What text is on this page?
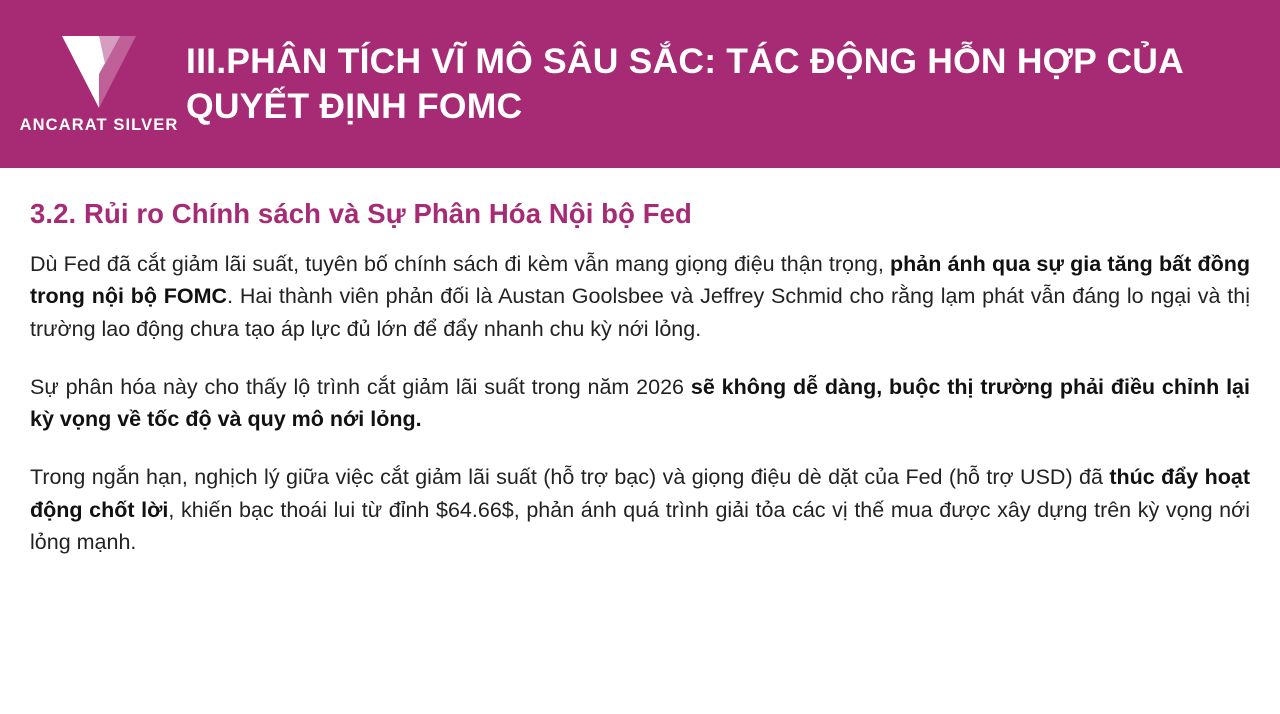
ANCARAT SILVER
III.PHÂN TÍCH VĨ MÔ SÂU SẮC: TÁC ĐỘNG HỖN HỢP CỦA QUYẾT ĐỊNH FOMC
3.2. Rủi ro Chính sách và Sự Phân Hóa Nội bộ Fed

Dù Fed đã cắt giảm lãi suất, tuyên bố chính sách đi kèm vẫn mang giọng điệu thận trọng, phản ánh qua sự gia tăng bất đồng trong nội bộ FOMC. Hai thành viên phản đối là Austan Goolsbee và Jeffrey Schmid cho rằng lạm phát vẫn đáng lo ngại và thị trường lao động chưa tạo áp lực đủ lớn để đẩy nhanh chu kỳ nới lỏng.

Sự phân hóa này cho thấy lộ trình cắt giảm lãi suất trong năm 2026 sẽ không dễ dàng, buộc thị trường phải điều chỉnh lại kỳ vọng về tốc độ và quy mô nới lỏng.

Trong ngắn hạn, nghịch lý giữa việc cắt giảm lãi suất (hỗ trợ bạc) và giọng điệu dè dặt của Fed (hỗ trợ USD) đã thúc đẩy hoạt động chốt lời, khiến bạc thoái lui từ đỉnh $64.66$, phản ánh quá trình giải tỏa các vị thế mua được xây dựng trên kỳ vọng nới lỏng mạnh.
